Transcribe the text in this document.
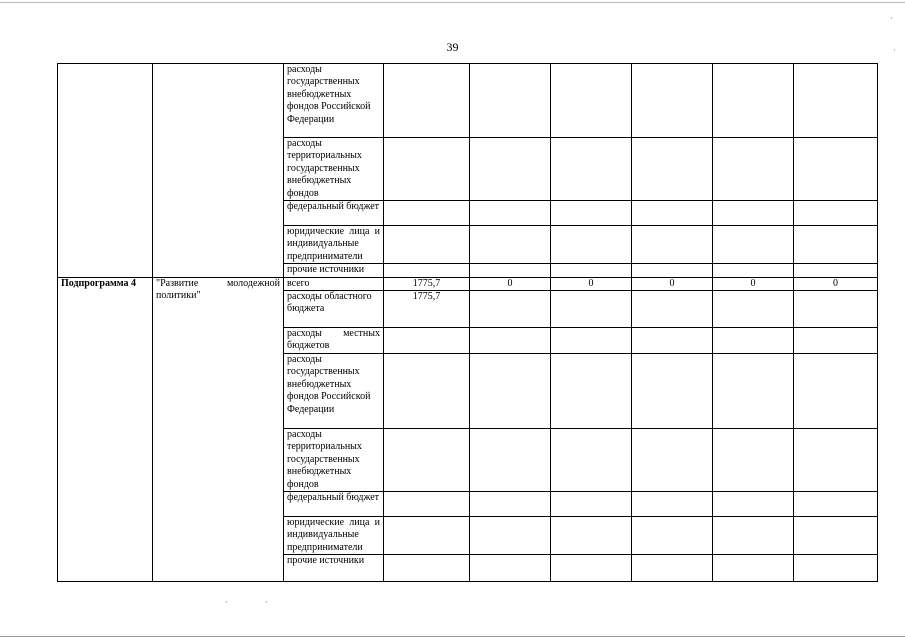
39
		расходы государственных внебюджетных фондов Российской Федерации						
		расходы территориальных государственных внебюджетных фондов						
		федеральный бюджет						
		юридические лица и индивидуальные предприниматели						
		прочие источники						
Подпрограмма 4	"Развитие молодежной политики"	всего	1775,7	0	0	0	0	0
		расходы областного бюджета	1775,7					
		расходы местных бюджетов						
		расходы государственных внебюджетных фондов Российской Федерации						
		расходы территориальных государственных внебюджетных фондов						
		федеральный бюджет						
		юридические лица и индивидуальные предприниматели						
		прочие источники						
·	·
·
·
